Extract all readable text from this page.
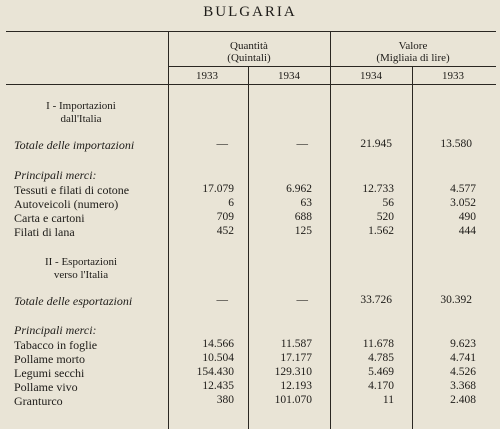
BULGARIA
Quantità
(Quintali)
Valore
(Migliaia di lire)
1933	1934	1934	1933
I - Importazioni
dall'Italia
Totale delle importazioni	—	—	21.945	13.580
Principali merci:
Tessuti e filati di cotone	17.079	6.962	12.733	4.577
Autoveicoli (numero)	6	63	56	3.052
Carta e cartoni	709	688	520	490
Filati di lana	452	125	1.562	444
II - Esportazioni
verso l'Italia
Totale delle esportazioni	—	—	33.726	30.392
Principali merci:
Tabacco in foglie	14.566	11.587	11.678	9.623
Pollame morto	10.504	17.177	4.785	4.741
Legumi secchi	154.430	129.310	5.469	4.526
Pollame vivo	12.435	12.193	4.170	3.368
Granturco	380	101.070	11	2.408
